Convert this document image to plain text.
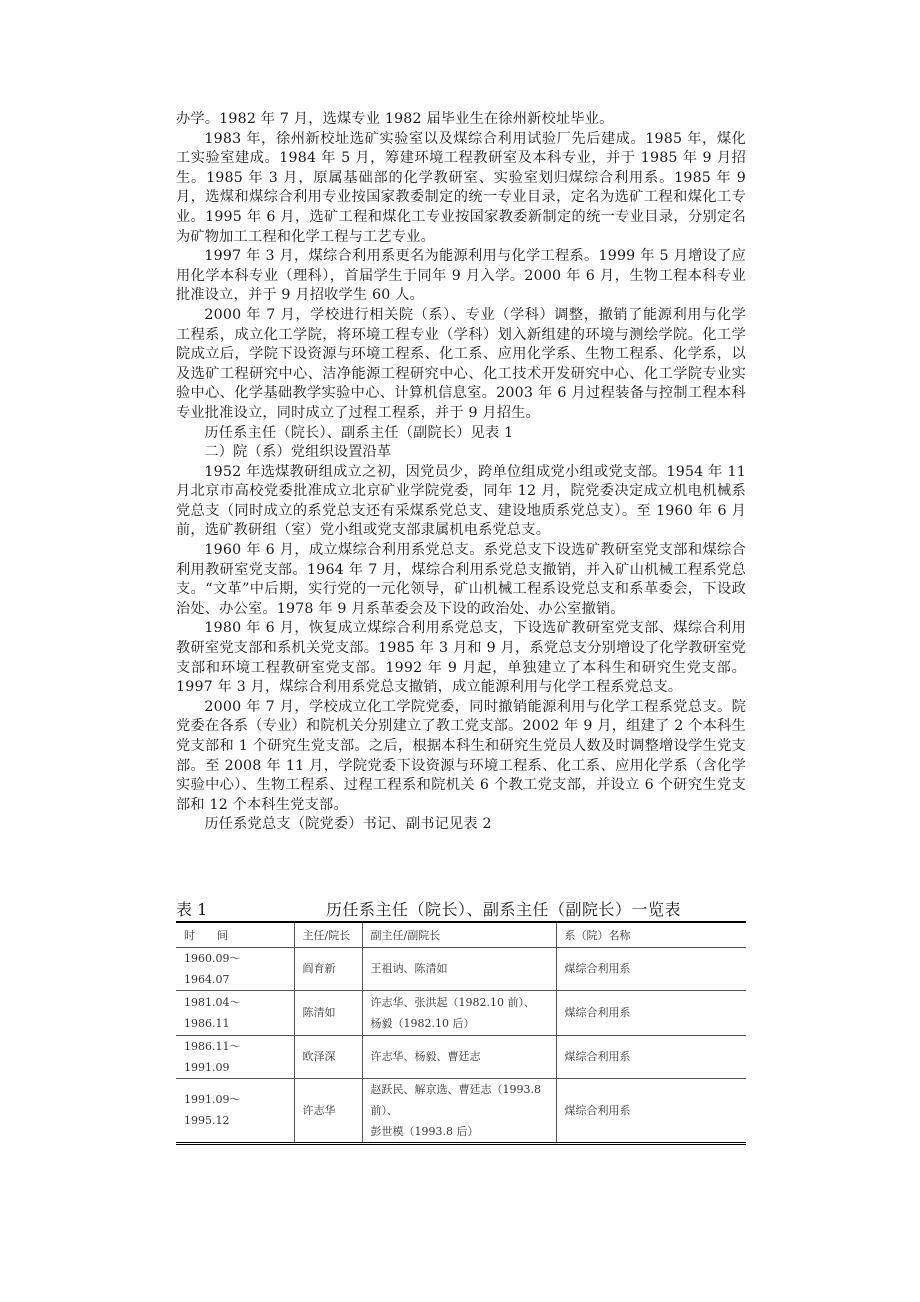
办学。1982 年 7 月，选煤专业 1982 届毕业生在徐州新校址毕业。

1983 年，徐州新校址选矿实验室以及煤综合利用试验厂先后建成。1985 年，煤化工实验室建成。1984 年 5 月，筹建环境工程教研室及本科专业，并于 1985 年 9 月招生。1985 年 3 月，原属基础部的化学教研室、实验室划归煤综合利用系。1985 年 9 月，选煤和煤综合利用专业按国家教委制定的统一专业目录，定名为选矿工程和煤化工专业。1995 年 6 月，选矿工程和煤化工专业按国家教委新制定的统一专业目录，分别定名为矿物加工工程和化学工程与工艺专业。

1997 年 3 月，煤综合利用系更名为能源利用与化学工程系。1999 年 5 月增设了应用化学本科专业（理科），首届学生于同年 9 月入学。2000 年 6 月，生物工程本科专业批准设立，并于 9 月招收学生 60 人。

2000 年 7 月，学校进行相关院（系）、专业（学科）调整，撤销了能源利用与化学工程系，成立化工学院，将环境工程专业（学科）划入新组建的环境与测绘学院。化工学院成立后，学院下设资源与环境工程系、化工系、应用化学系、生物工程系、化学系，以及选矿工程研究中心、洁净能源工程研究中心、化工技术开发研究中心、化工学院专业实验中心、化学基础教学实验中心、计算机信息室。2003 年 6 月过程装备与控制工程本科专业批准设立，同时成立了过程工程系，并于 9 月招生。

历任系主任（院长）、副系主任（副院长）见表 1

二）院（系）党组织设置沿革

1952 年选煤教研组成立之初，因党员少，跨单位组成党小组或党支部。1954 年 11 月北京市高校党委批准成立北京矿业学院党委，同年 12 月，院党委决定成立机电机械系党总支（同时成立的系党总支还有采煤系党总支、建设地质系党总支）。至 1960 年 6 月前，选矿教研组（室）党小组或党支部隶属机电系党总支。

1960 年 6 月，成立煤综合利用系党总支。系党总支下设选矿教研室党支部和煤综合利用教研室党支部。1964 年 7 月，煤综合利用系党总支撤销，并入矿山机械工程系党总支。“文革”中后期，实行党的一元化领导，矿山机械工程系设党总支和系革委会，下设政治处、办公室。1978 年 9 月系革委会及下设的政治处、办公室撤销。

1980 年 6 月，恢复成立煤综合利用系党总支，下设选矿教研室党支部、煤综合利用教研室党支部和系机关党支部。1985 年 3 月和 9 月，系党总支分别增设了化学教研室党支部和环境工程教研室党支部。1992 年 9 月起，单独建立了本科生和研究生党支部。1997 年 3 月，煤综合利用系党总支撤销，成立能源利用与化学工程系党总支。

2000 年 7 月，学校成立化工学院党委，同时撤销能源利用与化学工程系党总支。院党委在各系（专业）和院机关分别建立了教工党支部。2002 年 9 月，组建了 2 个本科生党支部和 1 个研究生党支部。之后，根据本科生和研究生党员人数及时调整增设学生党支部。至 2008 年 11 月，学院党委下设资源与环境工程系、化工系、应用化学系（含化学实验中心）、生物工程系、过程工程系和院机关 6 个教工党支部，并设立 6 个研究生党支部和 12 个本科生党支部。

历任系党总支（院党委）书记、副书记见表 2

表 1	历任系主任（院长）、副系主任（副院长）一览表
时　　间	主任/院长	副主任/副院长	系（院）名称
1960.09～1964.07	阎育新	王祖讷、陈清如	煤综合利用系
1981.04～1986.11	陈清如	许志华、张洪起（1982.10 前）、
杨毅（1982.10 后）	煤综合利用系
1986.11～1991.09	欧泽深	许志华、杨毅、曹廷志	煤综合利用系
1991.09～1995.12	许志华	赵跃民、解京选、曹廷志（1993.8 前）、
彭世模（1993.8 后）	煤综合利用系
